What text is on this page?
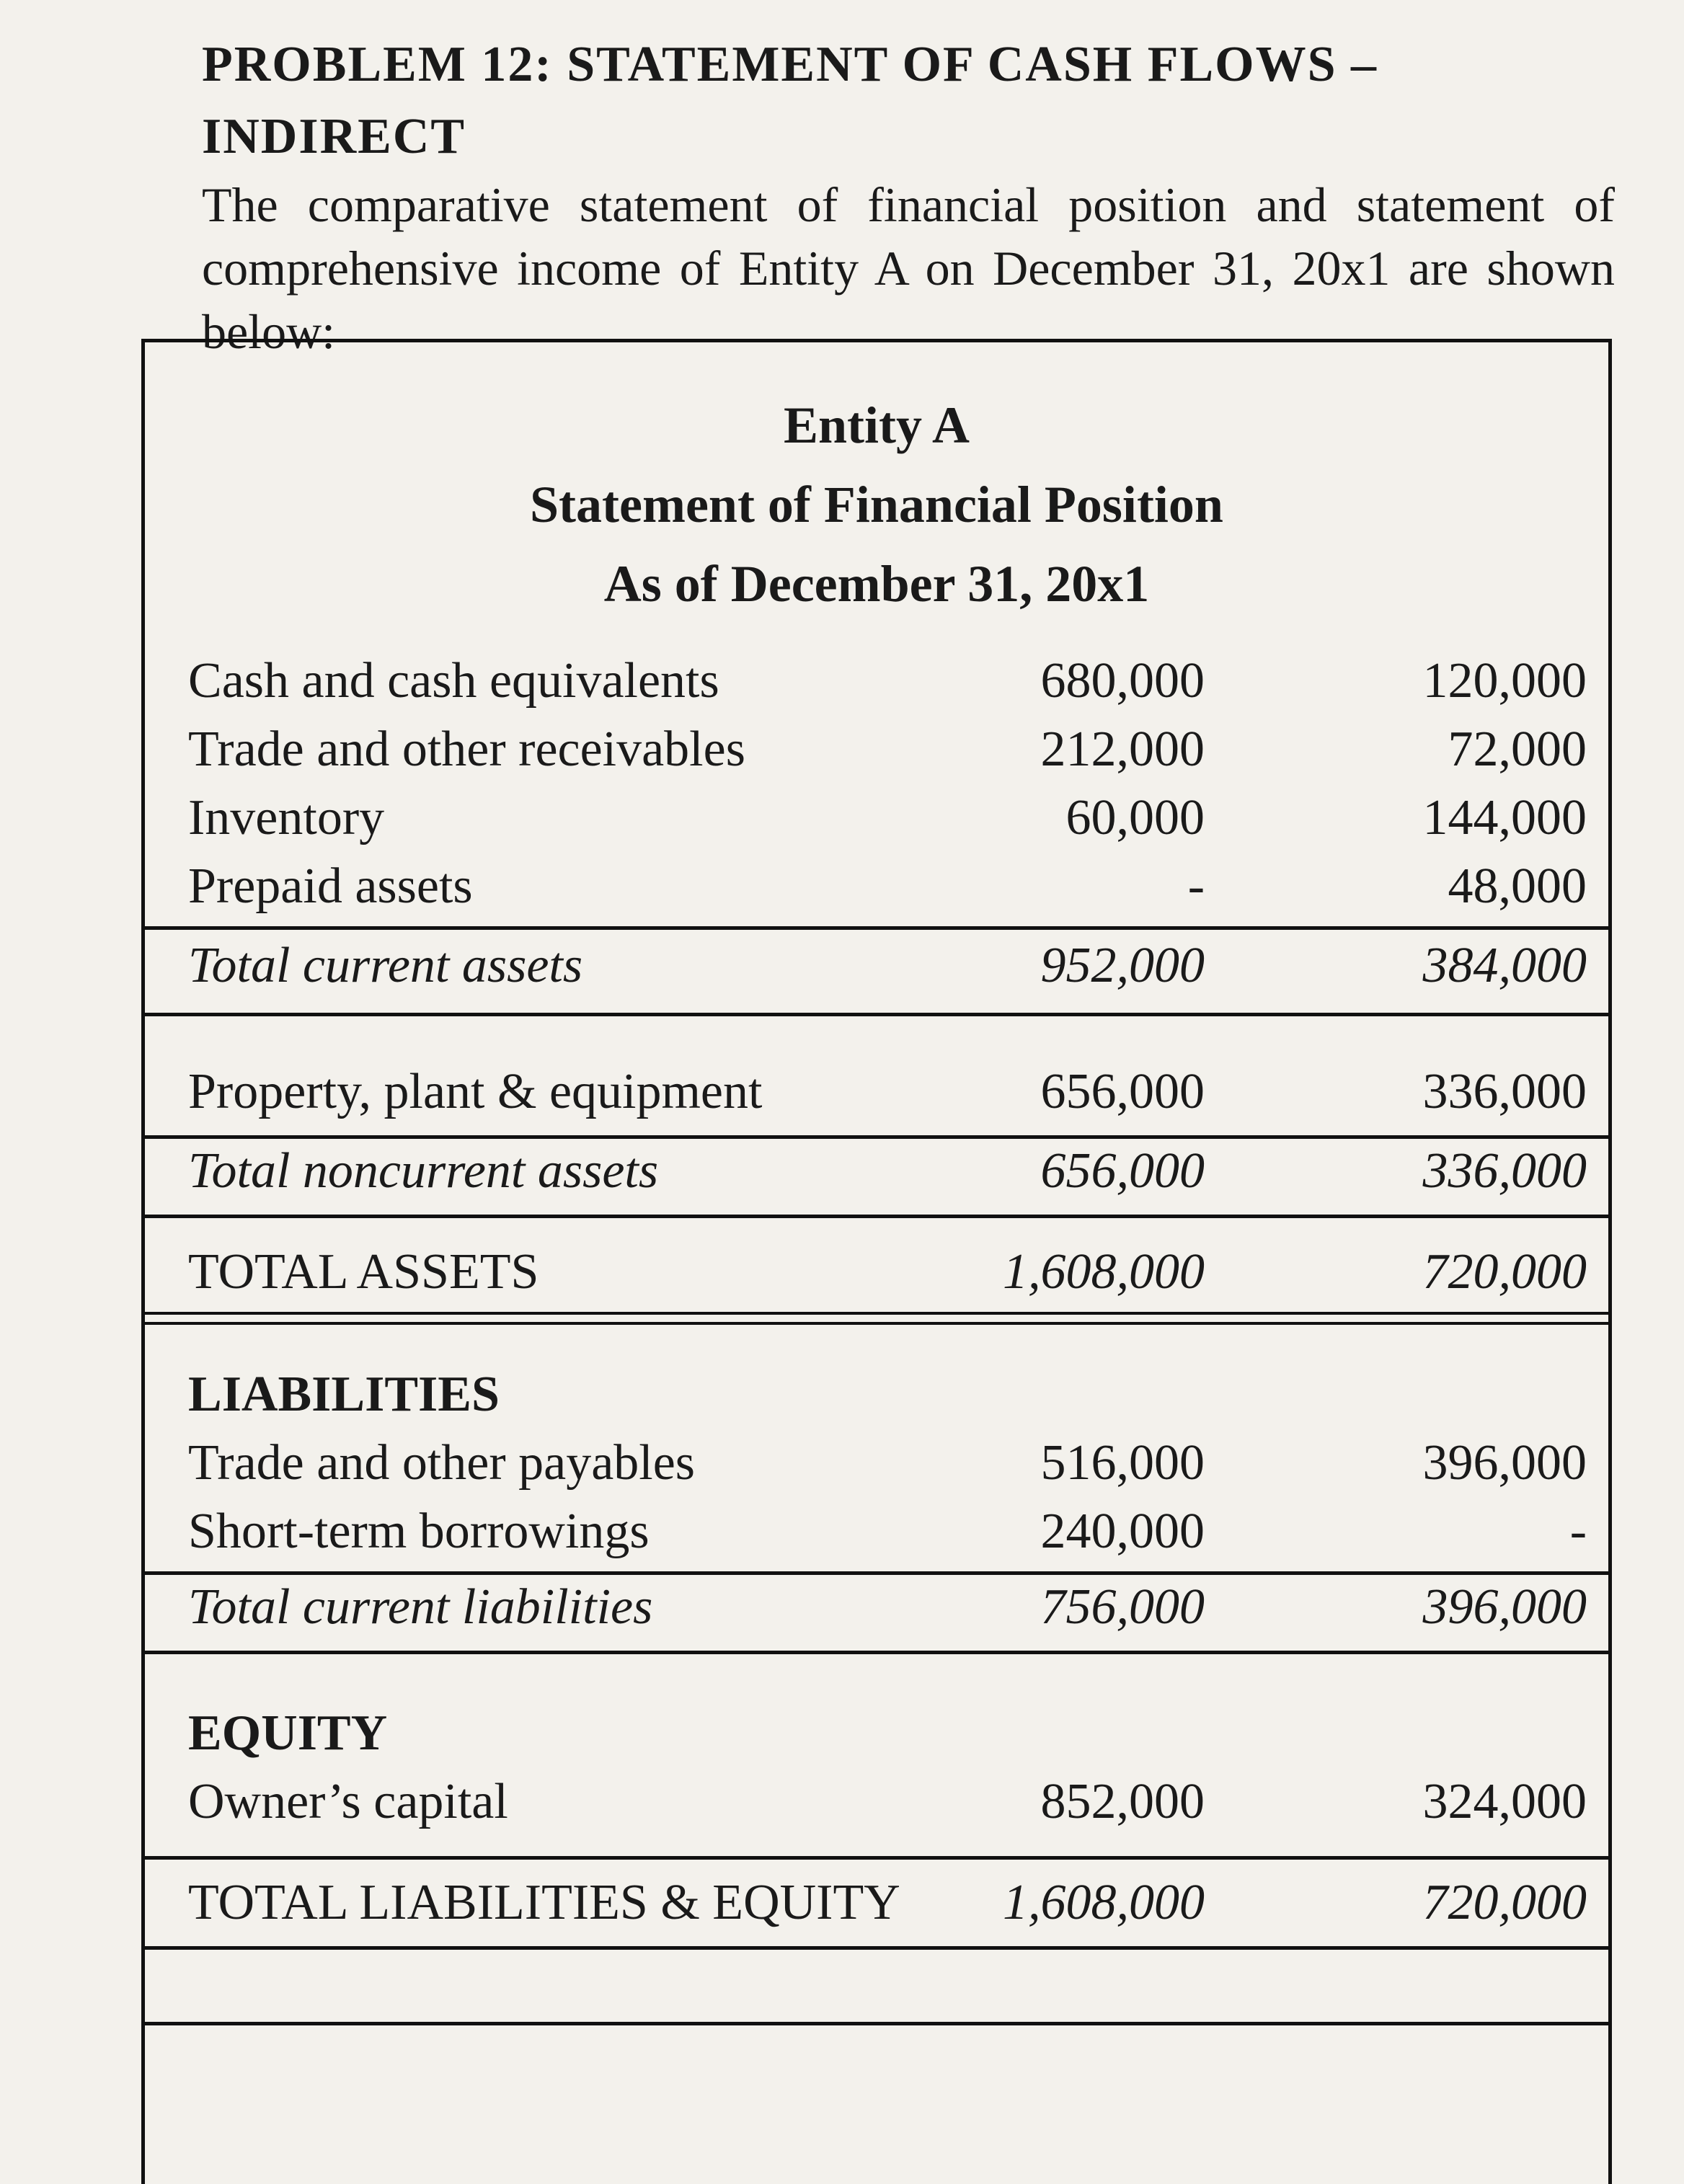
PROBLEM 12: STATEMENT OF CASH FLOWS – INDIRECT

The comparative statement of financial position and statement of comprehensive income of Entity A on December 31, 20x1 are shown below:

Entity A
Statement of Financial Position
As of December 31, 20x1
Cash and cash equivalents	680,000	120,000
Trade and other receivables	212,000	72,000
Inventory	60,000	144,000
Prepaid assets	-	48,000
Total current assets	952,000	384,000
Property, plant & equipment	656,000	336,000
Total noncurrent assets	656,000	336,000
TOTAL ASSETS	1,608,000	720,000
LIABILITIES
Trade and other payables	516,000	396,000
Short-term borrowings	240,000	-
Total current liabilities	756,000	396,000
EQUITY
Owner’s capital	852,000	324,000
TOTAL LIABILITIES & EQUITY 1,608,000	720,000
